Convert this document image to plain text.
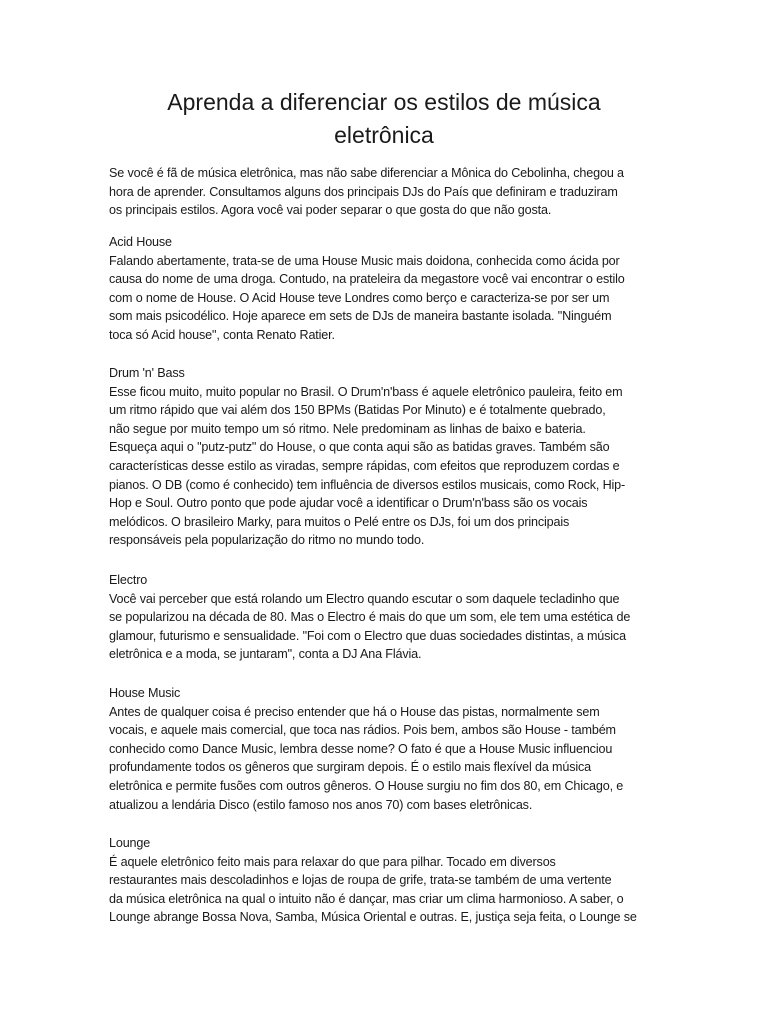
Aprenda a diferenciar os estilos de música
eletrônica
Se você é fã de música eletrônica, mas não sabe diferenciar a Mônica do Cebolinha, chegou a
hora de aprender. Consultamos alguns dos principais DJs do País que definiram e traduziram
os principais estilos. Agora você vai poder separar o que gosta do que não gosta.
Acid House
Falando abertamente, trata-se de uma House Music mais doidona, conhecida como ácida por
causa do nome de uma droga. Contudo, na prateleira da megastore você vai encontrar o estilo
com o nome de House. O Acid House teve Londres como berço e caracteriza-se por ser um
som mais psicodélico. Hoje aparece em sets de DJs de maneira bastante isolada. "Ninguém
toca só Acid house", conta Renato Ratier.
Drum 'n' Bass
Esse ficou muito, muito popular no Brasil. O Drum'n'bass é aquele eletrônico pauleira, feito em
um ritmo rápido que vai além dos 150 BPMs (Batidas Por Minuto) e é totalmente quebrado,
não segue por muito tempo um só ritmo. Nele predominam as linhas de baixo e bateria.
Esqueça aqui o "putz-putz" do House, o que conta aqui são as batidas graves. Também são
características desse estilo as viradas, sempre rápidas, com efeitos que reproduzem cordas e
pianos. O DB (como é conhecido) tem influência de diversos estilos musicais, como Rock, Hip-
Hop e Soul. Outro ponto que pode ajudar você a identificar o Drum'n'bass são os vocais
melódicos. O brasileiro Marky, para muitos o Pelé entre os DJs, foi um dos principais
responsáveis pela popularização do ritmo no mundo todo.
Electro
Você vai perceber que está rolando um Electro quando escutar o som daquele tecladinho que
se popularizou na década de 80. Mas o Electro é mais do que um som, ele tem uma estética de
glamour, futurismo e sensualidade. "Foi com o Electro que duas sociedades distintas, a música
eletrônica e a moda, se juntaram", conta a DJ Ana Flávia.
House Music
Antes de qualquer coisa é preciso entender que há o House das pistas, normalmente sem
vocais, e aquele mais comercial, que toca nas rádios. Pois bem, ambos são House - também
conhecido como Dance Music, lembra desse nome? O fato é que a House Music influenciou
profundamente todos os gêneros que surgiram depois. É o estilo mais flexível da música
eletrônica e permite fusões com outros gêneros. O House surgiu no fim dos 80, em Chicago, e
atualizou a lendária Disco (estilo famoso nos anos 70) com bases eletrônicas.
Lounge
É aquele eletrônico feito mais para relaxar do que para pilhar. Tocado em diversos
restaurantes mais descoladinhos e lojas de roupa de grife, trata-se também de uma vertente
da música eletrônica na qual o intuito não é dançar, mas criar um clima harmonioso. A saber, o
Lounge abrange Bossa Nova, Samba, Música Oriental e outras. E, justiça seja feita, o Lounge se
